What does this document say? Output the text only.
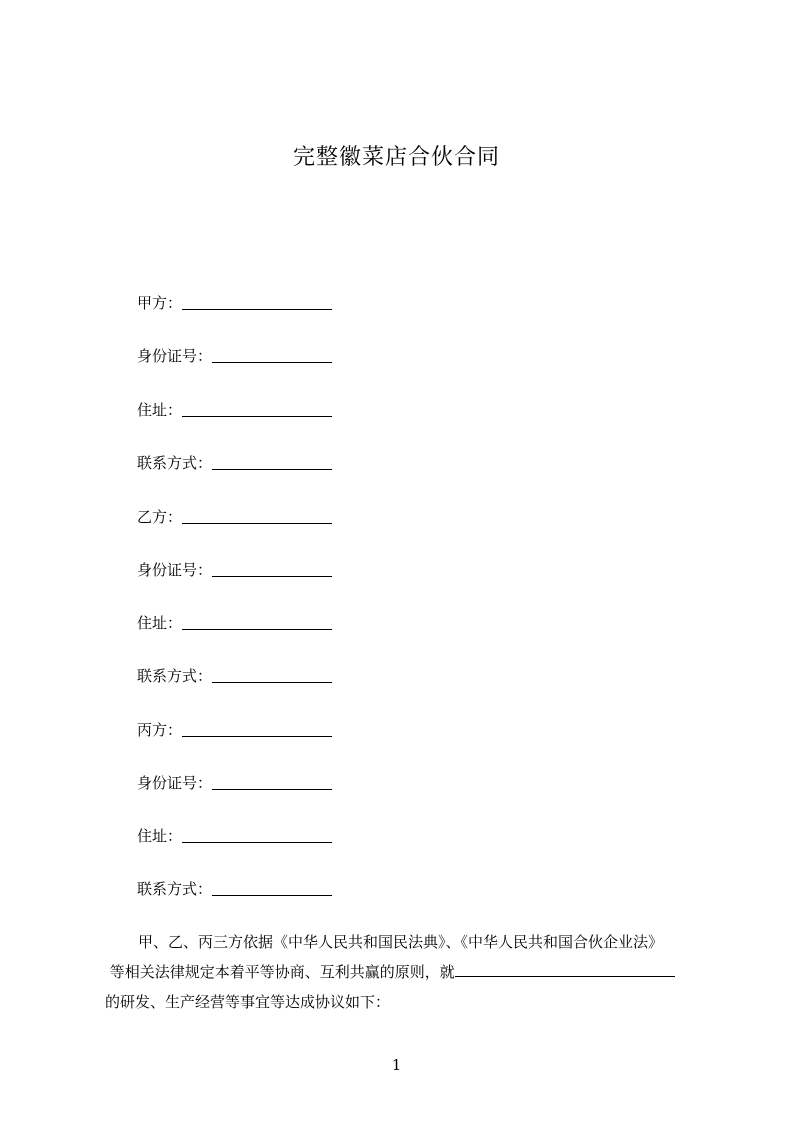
完整徽菜店合伙合同
甲方：
身份证号：
住址：
联系方式：
乙方：
身份证号：
住址：
联系方式：
丙方：
身份证号：
住址：
联系方式：
甲、乙、丙三方依据《中华人民共和国民法典》、《中华人民共和国合伙企业法》
等相关法律规定本着平等协商、互利共赢的原则，就
的研发、生产经营等事宜等达成协议如下：
1
